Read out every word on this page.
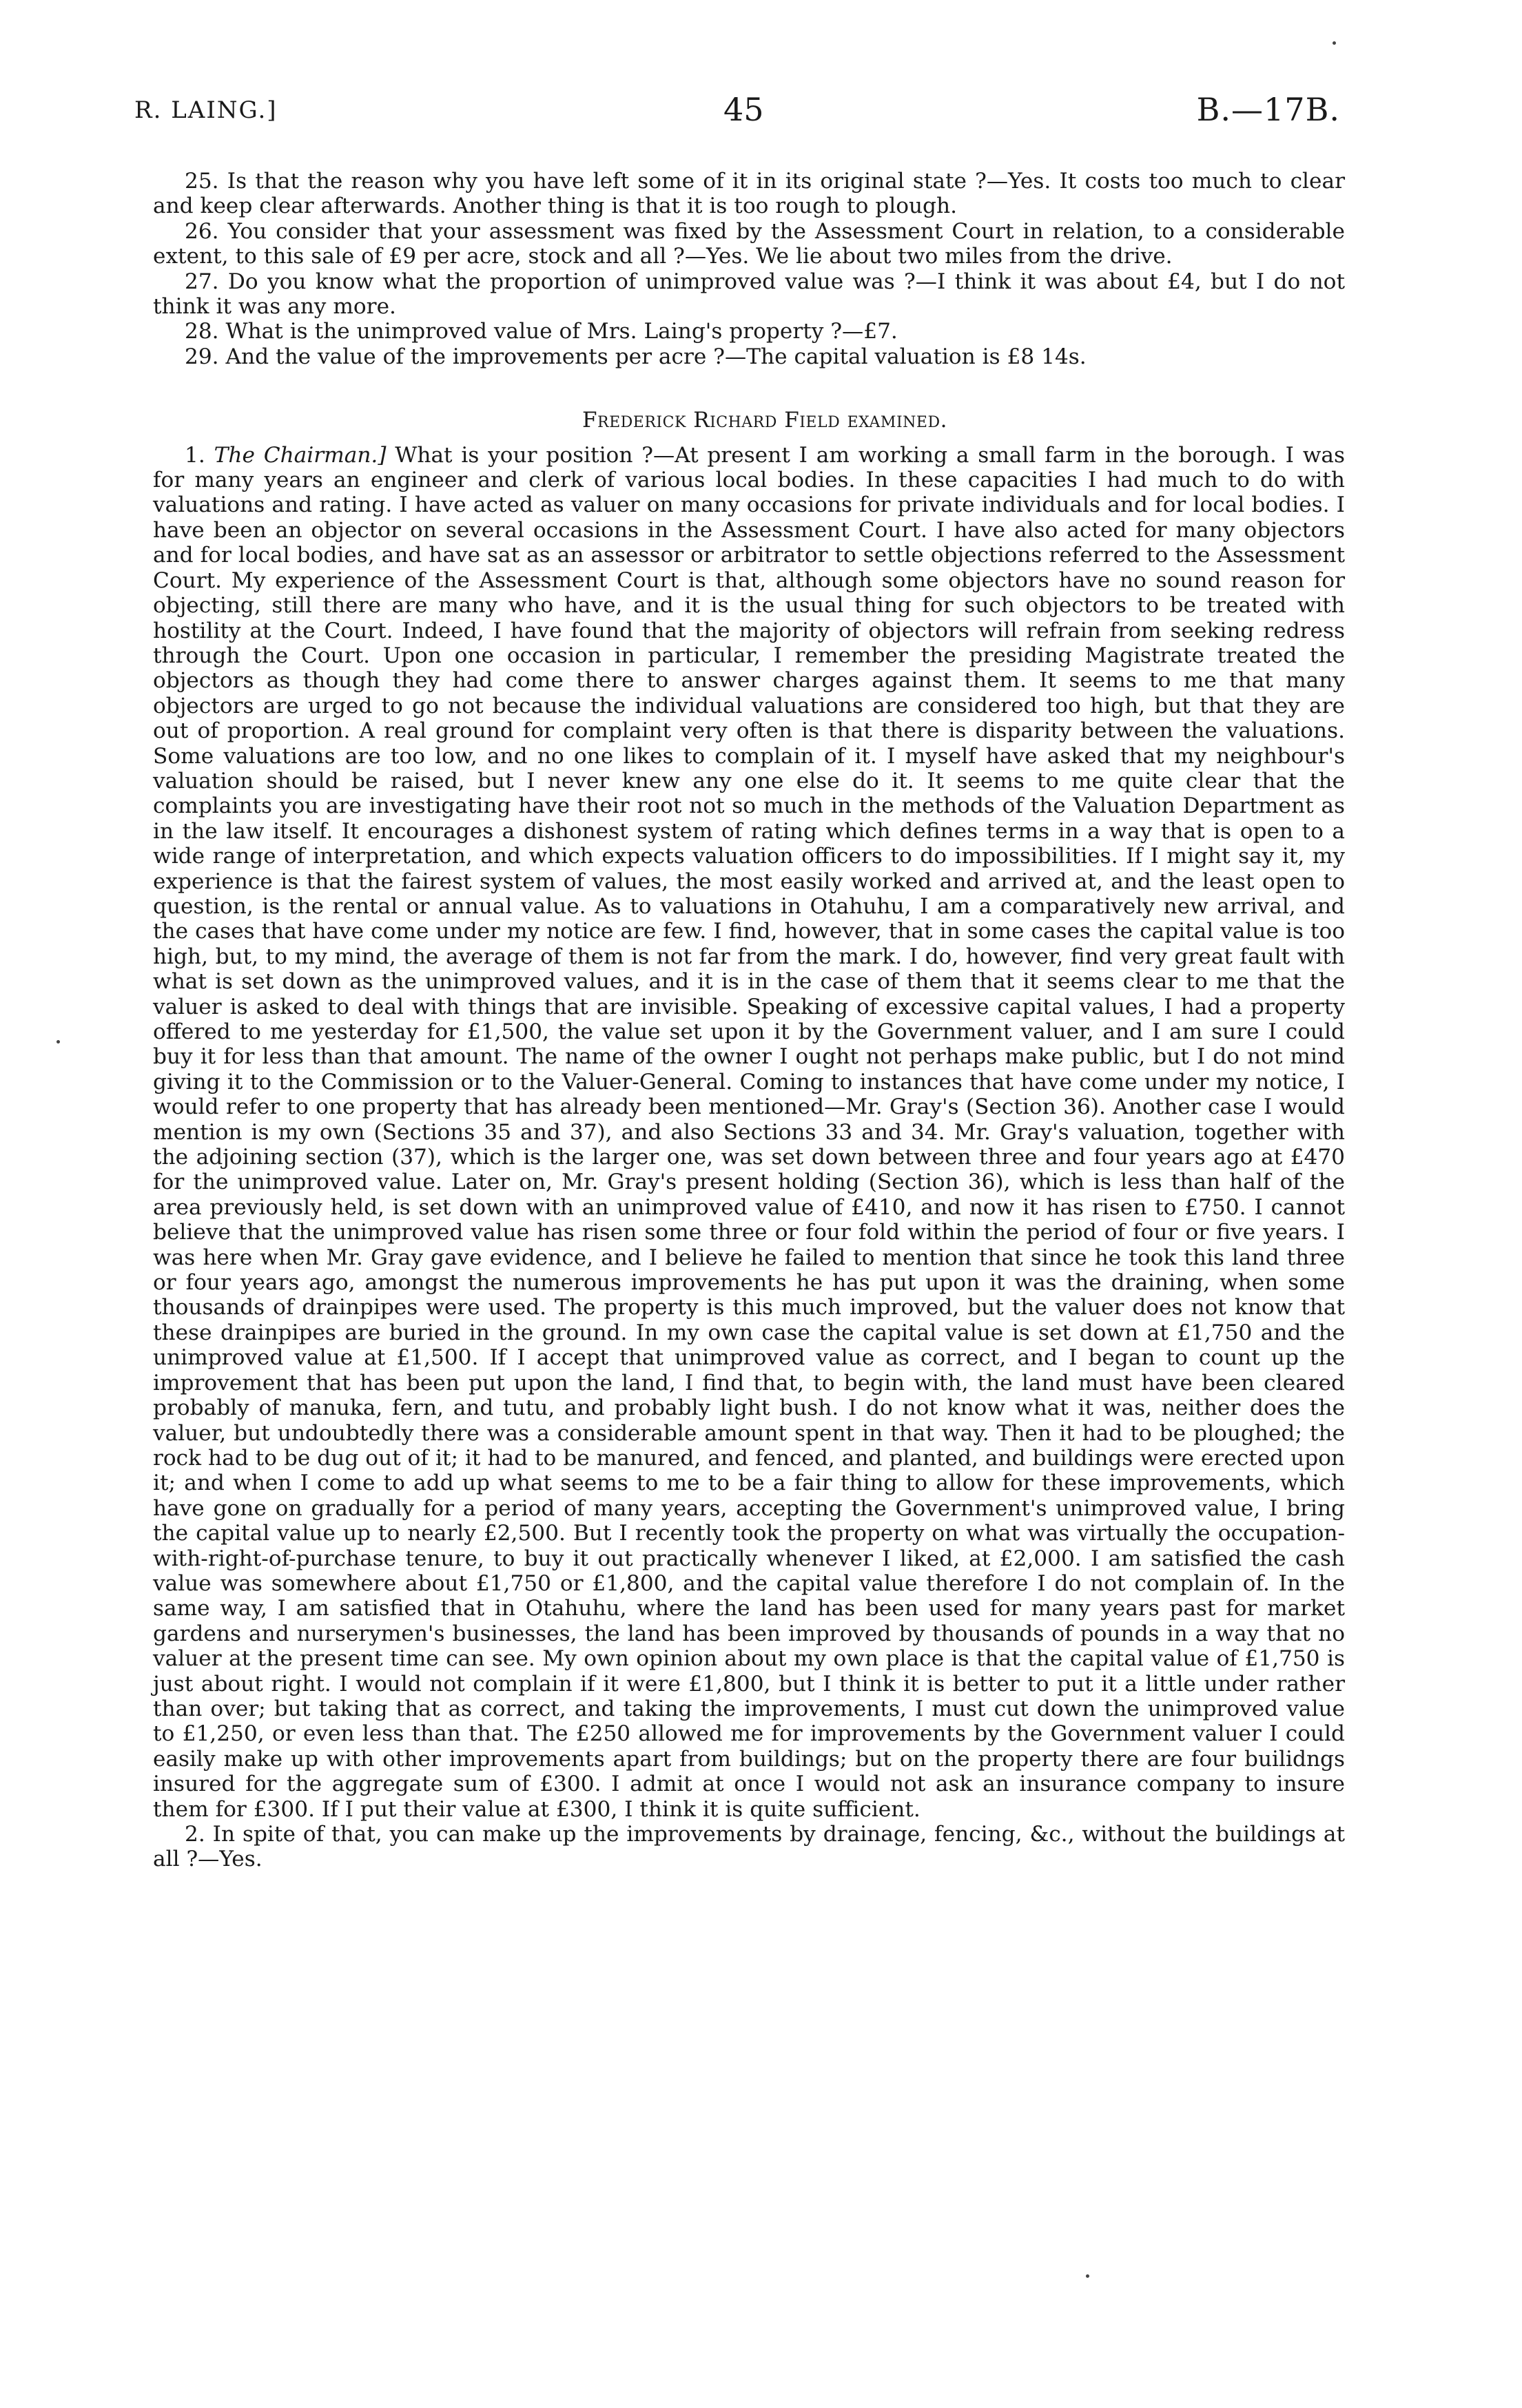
R. LAING.]	45	B.—17B.

25. Is that the reason why you have left some of it in its original state ?—Yes. It costs too much to clear and keep clear afterwards. Another thing is that it is too rough to plough.

26. You consider that your assessment was fixed by the Assessment Court in relation, to a considerable extent, to this sale of £9 per acre, stock and all ?—Yes. We lie about two miles from the drive.

27. Do you know what the proportion of unimproved value was ?—I think it was about £4, but I do not think it was any more.

28. What is the unimproved value of Mrs. Laing's property ?—£7.

29. And the value of the improvements per acre ?—The capital valuation is £8 14s.

Frederick Richard Field examined.

1. The Chairman.] What is your position ?—At present I am working a small farm in the borough. I was for many years an engineer and clerk of various local bodies. In these capacities I had much to do with valuations and rating. I have acted as valuer on many occasions for private individuals and for local bodies. I have been an objector on several occasions in the Assessment Court. I have also acted for many objectors and for local bodies, and have sat as an assessor or arbitrator to settle objections referred to the Assessment Court. My experience of the Assessment Court is that, although some objectors have no sound reason for objecting, still there are many who have, and it is the usual thing for such objectors to be treated with hostility at the Court. Indeed, I have found that the majority of objectors will refrain from seeking redress through the Court. Upon one occasion in particular, I remember the presiding Magistrate treated the objectors as though they had come there to answer charges against them. It seems to me that many objectors are urged to go not because the individual valuations are considered too high, but that they are out of proportion. A real ground for complaint very often is that there is disparity between the valuations. Some valuations are too low, and no one likes to complain of it. I myself have asked that my neighbour's valuation should be raised, but I never knew any one else do it. It seems to me quite clear that the complaints you are investigating have their root not so much in the methods of the Valuation Department as in the law itself. It encourages a dishonest system of rating which defines terms in a way that is open to a wide range of interpretation, and which expects valuation officers to do impossibilities. If I might say it, my experience is that the fairest system of values, the most easily worked and arrived at, and the least open to question, is the rental or annual value. As to valuations in Otahuhu, I am a comparatively new arrival, and the cases that have come under my notice are few. I find, however, that in some cases the capital value is too high, but, to my mind, the average of them is not far from the mark. I do, however, find very great fault with what is set down as the unimproved values, and it is in the case of them that it seems clear to me that the valuer is asked to deal with things that are invisible. Speaking of excessive capital values, I had a property offered to me yesterday for £1,500, the value set upon it by the Government valuer, and I am sure I could buy it for less than that amount. The name of the owner I ought not perhaps make public, but I do not mind giving it to the Commission or to the Valuer-General. Coming to instances that have come under my notice, I would refer to one property that has already been mentioned—Mr. Gray's (Section 36). Another case I would mention is my own (Sections 35 and 37), and also Sections 33 and 34. Mr. Gray's valuation, together with the adjoining section (37), which is the larger one, was set down between three and four years ago at £470 for the unimproved value. Later on, Mr. Gray's present holding (Section 36), which is less than half of the area previously held, is set down with an unimproved value of £410, and now it has risen to £750. I cannot believe that the unimproved value has risen some three or four fold within the period of four or five years. I was here when Mr. Gray gave evidence, and I believe he failed to mention that since he took this land three or four years ago, amongst the numerous improvements he has put upon it was the draining, when some thousands of drainpipes were used. The property is this much improved, but the valuer does not know that these drainpipes are buried in the ground. In my own case the capital value is set down at £1,750 and the unimproved value at £1,500. If I accept that unimproved value as correct, and I began to count up the improvement that has been put upon the land, I find that, to begin with, the land must have been cleared probably of manuka, fern, and tutu, and probably light bush. I do not know what it was, neither does the valuer, but undoubtedly there was a considerable amount spent in that way. Then it had to be ploughed; the rock had to be dug out of it; it had to be manured, and fenced, and planted, and buildings were erected upon it; and when I come to add up what seems to me to be a fair thing to allow for these improvements, which have gone on gradually for a period of many years, accepting the Government's unimproved value, I bring the capital value up to nearly £2,500. But I recently took the property on what was virtually the occupation-with-right-of-purchase tenure, to buy it out practically whenever I liked, at £2,000. I am satisfied the cash value was somewhere about £1,750 or £1,800, and the capital value therefore I do not complain of. In the same way, I am satisfied that in Otahuhu, where the land has been used for many years past for market gardens and nurserymen's businesses, the land has been improved by thousands of pounds in a way that no valuer at the present time can see. My own opinion about my own place is that the capital value of £1,750 is just about right. I would not complain if it were £1,800, but I think it is better to put it a little under rather than over; but taking that as correct, and taking the improvements, I must cut down the unimproved value to £1,250, or even less than that. The £250 allowed me for improvements by the Government valuer I could easily make up with other improvements apart from buildings; but on the property there are four builidngs insured for the aggregate sum of £300. I admit at once I would not ask an insurance company to insure them for £300. If I put their value at £300, I think it is quite sufficient.

2. In spite of that, you can make up the improvements by drainage, fencing, &c., without the buildings at all ?—Yes.
